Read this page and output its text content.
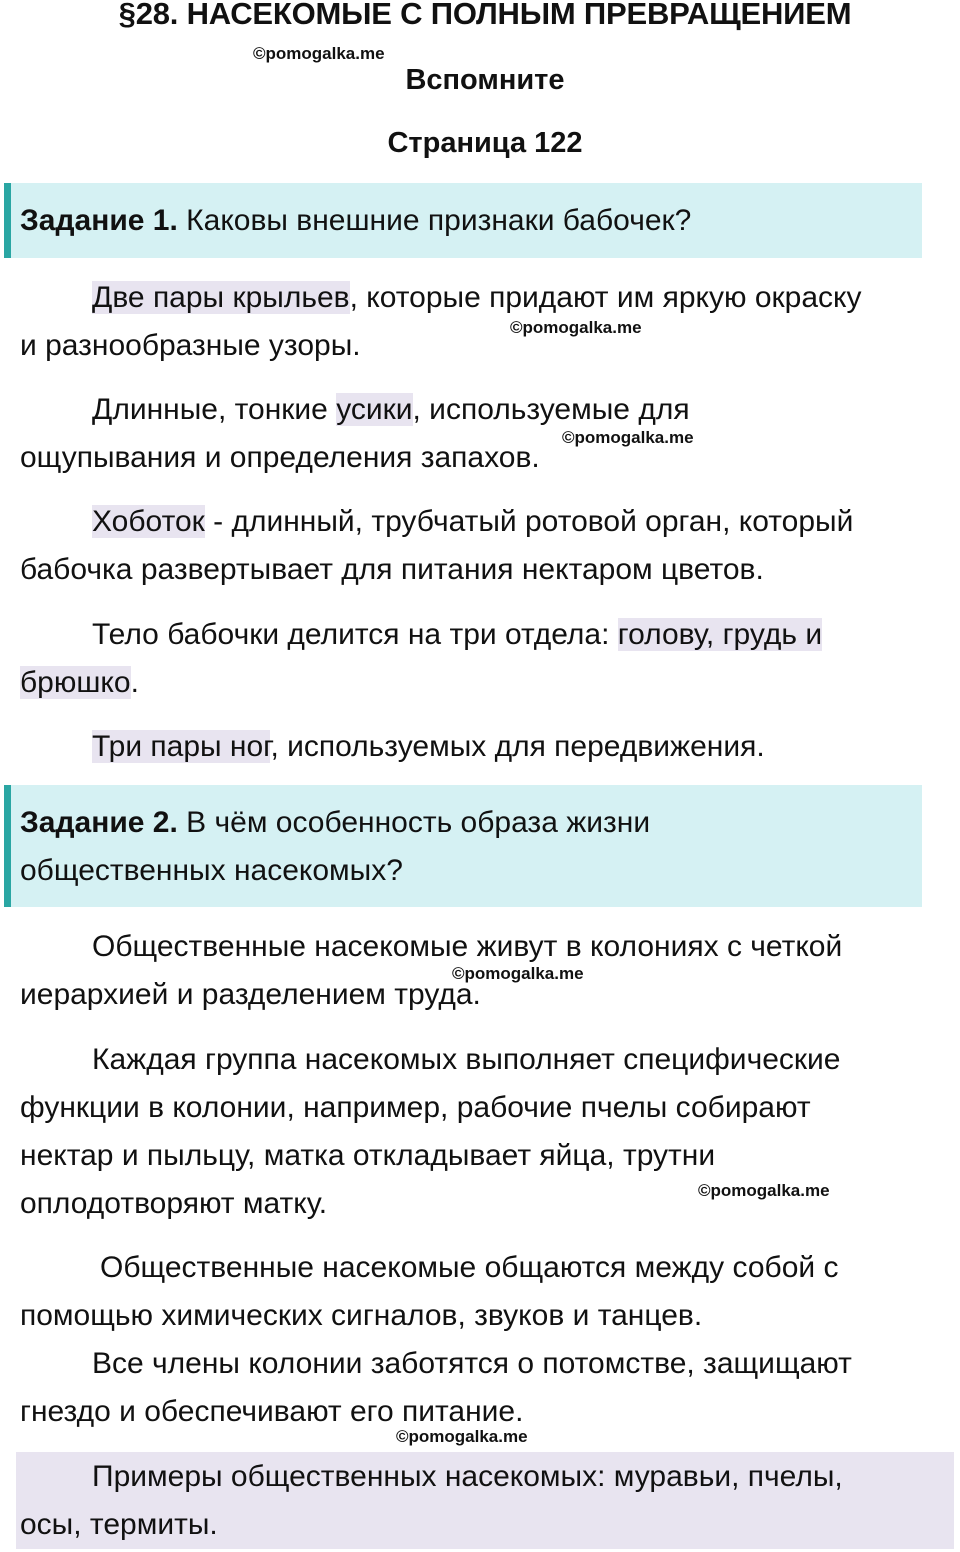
§28. НАСЕКОМЫЕ С ПОЛНЫМ ПРЕВРАЩЕНИЕМ
©pomogalka.me
Вспомните
Страница 122
Задание 1. Каковы внешние признаки бабочек?
Две пары крыльев, которые придают им яркую окраску
и разнообразные узоры.
©pomogalka.me
Длинные, тонкие усики, используемые для
ощупывания и определения запахов.
©pomogalka.me
Хоботок - длинный, трубчатый ротовой орган, который
бабочка развертывает для питания нектаром цветов.
Тело бабочки делится на три отдела: голову, грудь и
брюшко.
Три пары ног, используемых для передвижения.
Задание 2. В чём особенность образа жизни
общественных насекомых?
Общественные насекомые живут в колониях с четкой
иерархией и разделением труда.
©pomogalka.me
Каждая группа насекомых выполняет специфические
функции в колонии, например, рабочие пчелы собирают
нектар и пыльцу, матка откладывает яйца, трутни
оплодотворяют матку.	©pomogalka.me
Общественные насекомые общаются между собой с
помощью химических сигналов, звуков и танцев.
Все члены колонии заботятся о потомстве, защищают
гнездо и обеспечивают его питание.
©pomogalka.me
Примеры общественных насекомых: муравьи, пчелы,
осы, термиты.
